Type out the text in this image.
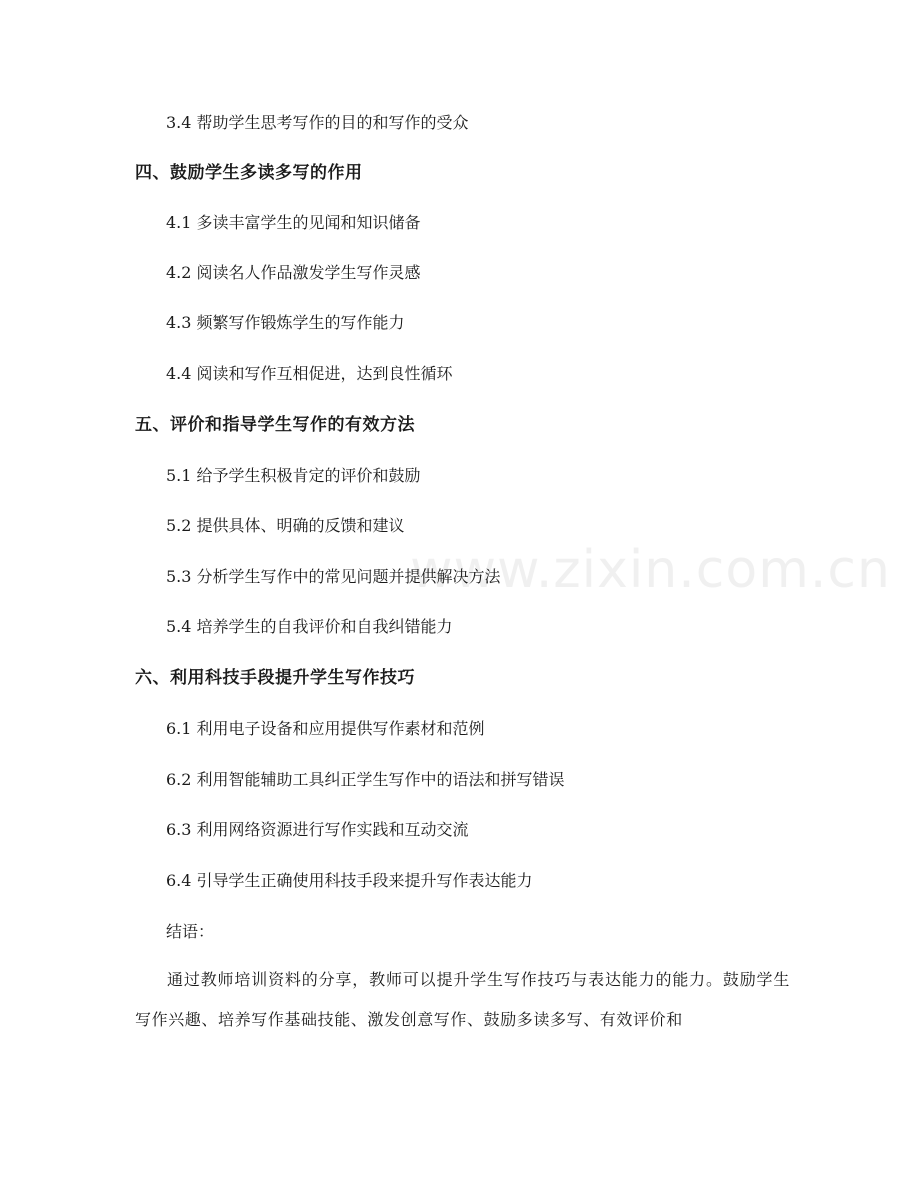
www.zixin.com.cn
3.4 帮助学生思考写作的目的和写作的受众
四、鼓励学生多读多写的作用
4.1 多读丰富学生的见闻和知识储备
4.2 阅读名人作品激发学生写作灵感
4.3 频繁写作锻炼学生的写作能力
4.4 阅读和写作互相促进，达到良性循环
五、评价和指导学生写作的有效方法
5.1 给予学生积极肯定的评价和鼓励
5.2 提供具体、明确的反馈和建议
5.3 分析学生写作中的常见问题并提供解决方法
5.4 培养学生的自我评价和自我纠错能力
六、利用科技手段提升学生写作技巧
6.1 利用电子设备和应用提供写作素材和范例
6.2 利用智能辅助工具纠正学生写作中的语法和拼写错误
6.3 利用网络资源进行写作实践和互动交流
6.4 引导学生正确使用科技手段来提升写作表达能力
结语：
通过教师培训资料的分享，教师可以提升学生写作技巧与表达能力的能力。鼓励学生写作兴趣、培养写作基础技能、激发创意写作、鼓励多读多写、有效评价和
